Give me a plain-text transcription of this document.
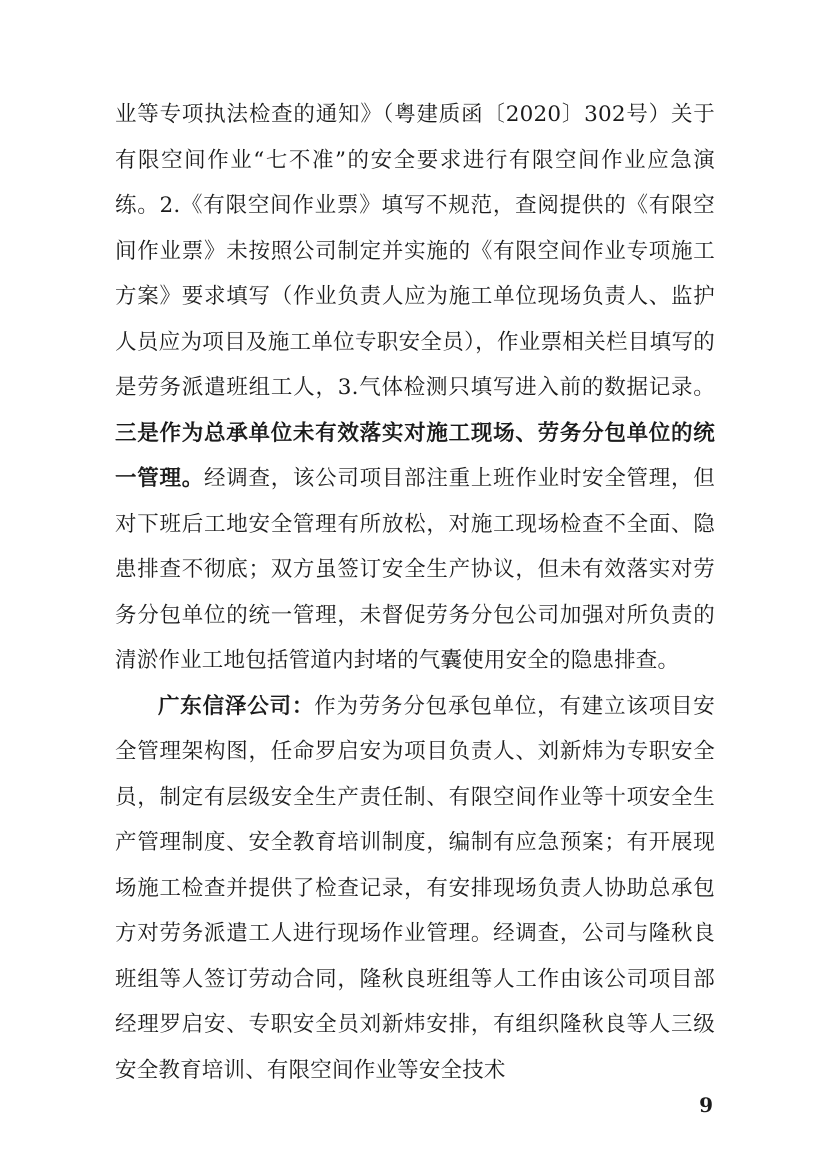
业等专项执法检查的通知》（粤建质函〔2020〕302号）关于有限空间作业“七不准”的安全要求进行有限空间作业应急演练。2.《有限空间作业票》填写不规范，查阅提供的《有限空间作业票》未按照公司制定并实施的《有限空间作业专项施工方案》要求填写（作业负责人应为施工单位现场负责人、监护人员应为项目及施工单位专职安全员），作业票相关栏目填写的是劳务派遣班组工人，3.气体检测只填写进入前的数据记录。三是作为总承单位未有效落实对施工现场、劳务分包单位的统一管理。经调查，该公司项目部注重上班作业时安全管理，但对下班后工地安全管理有所放松，对施工现场检查不全面、隐患排查不彻底；双方虽签订安全生产协议，但未有效落实对劳务分包单位的统一管理，未督促劳务分包公司加强对所负责的清淤作业工地包括管道内封堵的气囊使用安全的隐患排查。

广东信泽公司：作为劳务分包承包单位，有建立该项目安全管理架构图，任命罗启安为项目负责人、刘新炜为专职安全员，制定有层级安全生产责任制、有限空间作业等十项安全生产管理制度、安全教育培训制度，编制有应急预案；有开展现场施工检查并提供了检查记录，有安排现场负责人协助总承包方对劳务派遣工人进行现场作业管理。经调查，公司与隆秋良班组等人签订劳动合同，隆秋良班组等人工作由该公司项目部经理罗启安、专职安全员刘新炜安排，有组织隆秋良等人三级安全教育培训、有限空间作业等安全技术

9
